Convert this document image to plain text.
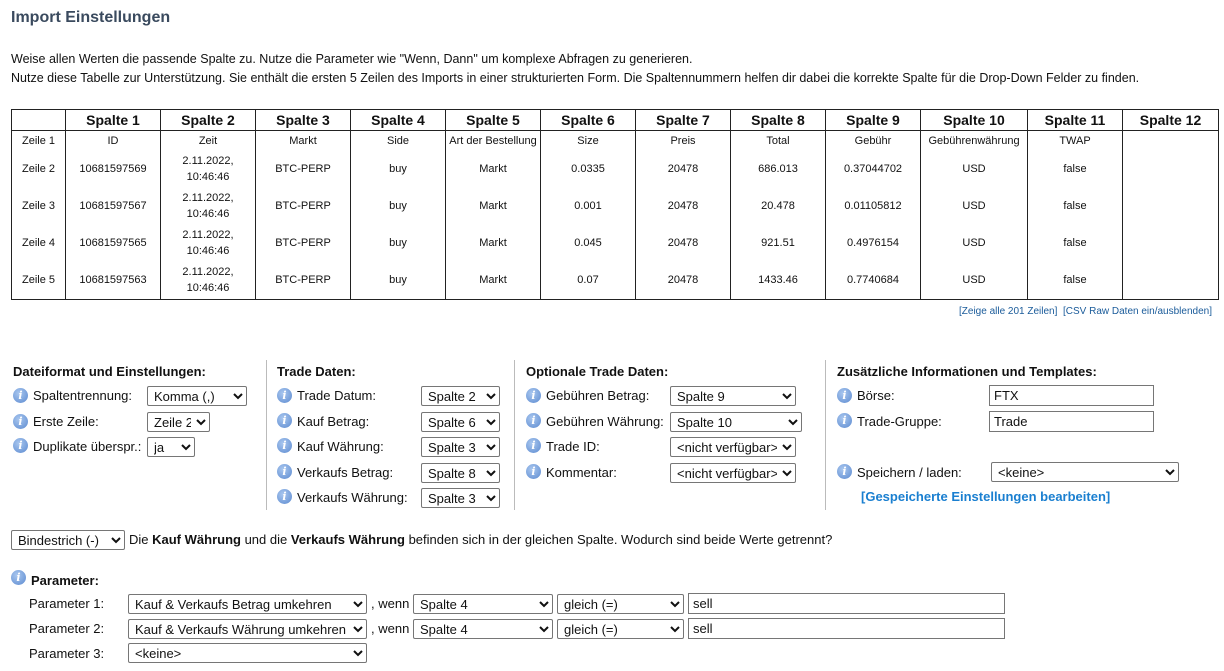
Import Einstellungen
Weise allen Werten die passende Spalte zu. Nutze die Parameter wie "Wenn, Dann" um komplexe Abfragen zu generieren.
Nutze diese Tabelle zur Unterstützung. Sie enthält die ersten 5 Zeilen des Imports in einer strukturierten Form. Die Spaltennummern helfen dir dabei die korrekte Spalte für die Drop-Down Felder zu finden.
	Spalte 1	Spalte 2	Spalte 3	Spalte 4	Spalte 5	Spalte 6	Spalte 7	Spalte 8	Spalte 9	Spalte 10	Spalte 11	Spalte 12
Zeile 1	ID	Zeit	Markt	Side	Art der Bestellung	Size	Preis	Total	Gebühr	Gebührenwährung	TWAP	
Zeile 2	10681597569	2.11.2022, 10:46:46	BTC-PERP	buy	Markt	0.0335	20478	686.013	0.37044702	USD	false	
Zeile 3	10681597567	2.11.2022, 10:46:46	BTC-PERP	buy	Markt	0.001	20478	20.478	0.01105812	USD	false	
Zeile 4	10681597565	2.11.2022, 10:46:46	BTC-PERP	buy	Markt	0.045	20478	921.51	0.4976154	USD	false	
Zeile 5	10681597563	2.11.2022, 10:46:46	BTC-PERP	buy	Markt	0.07	20478	1433.46	0.7740684	USD	false	
[Zeige alle 201 Zeilen] [CSV Raw Daten ein/ausblenden]
Dateiformat und Einstellungen:
i Spaltentrennung:
Komma (,)
i Erste Zeile:
Zeile 2
i Duplikate überspr.:
ja
Trade Daten:
i Trade Datum:
Spalte 2
i Kauf Betrag:
Spalte 6
i Kauf Währung:
Spalte 3
i Verkaufs Betrag:
Spalte 8
i Verkaufs Währung:
Spalte 3
Optionale Trade Daten:
i Gebühren Betrag:
Spalte 9
i Gebühren Währung:
Spalte 10
i Trade ID:
<nicht verfügbar>
i Kommentar:
<nicht verfügbar>
Zusätzliche Informationen und Templates:
i Börse:
FTX
i Trade-Gruppe:
Trade
i Speichern / laden:
<keine>
[Gespeicherte Einstellungen bearbeiten]
Bindestrich (-)
Die Kauf Währung und die Verkaufs Währung befinden sich in der gleichen Spalte. Wodurch sind beide Werte getrennt?
i Parameter:
Parameter 1:
Kauf & Verkaufs Betrag umkehren	, wenn
Spalte 4
gleich (=)
sell
Parameter 2:
Kauf & Verkaufs Währung umkehren	, wenn
Spalte 4
gleich (=)
sell
Parameter 3:
<keine>
